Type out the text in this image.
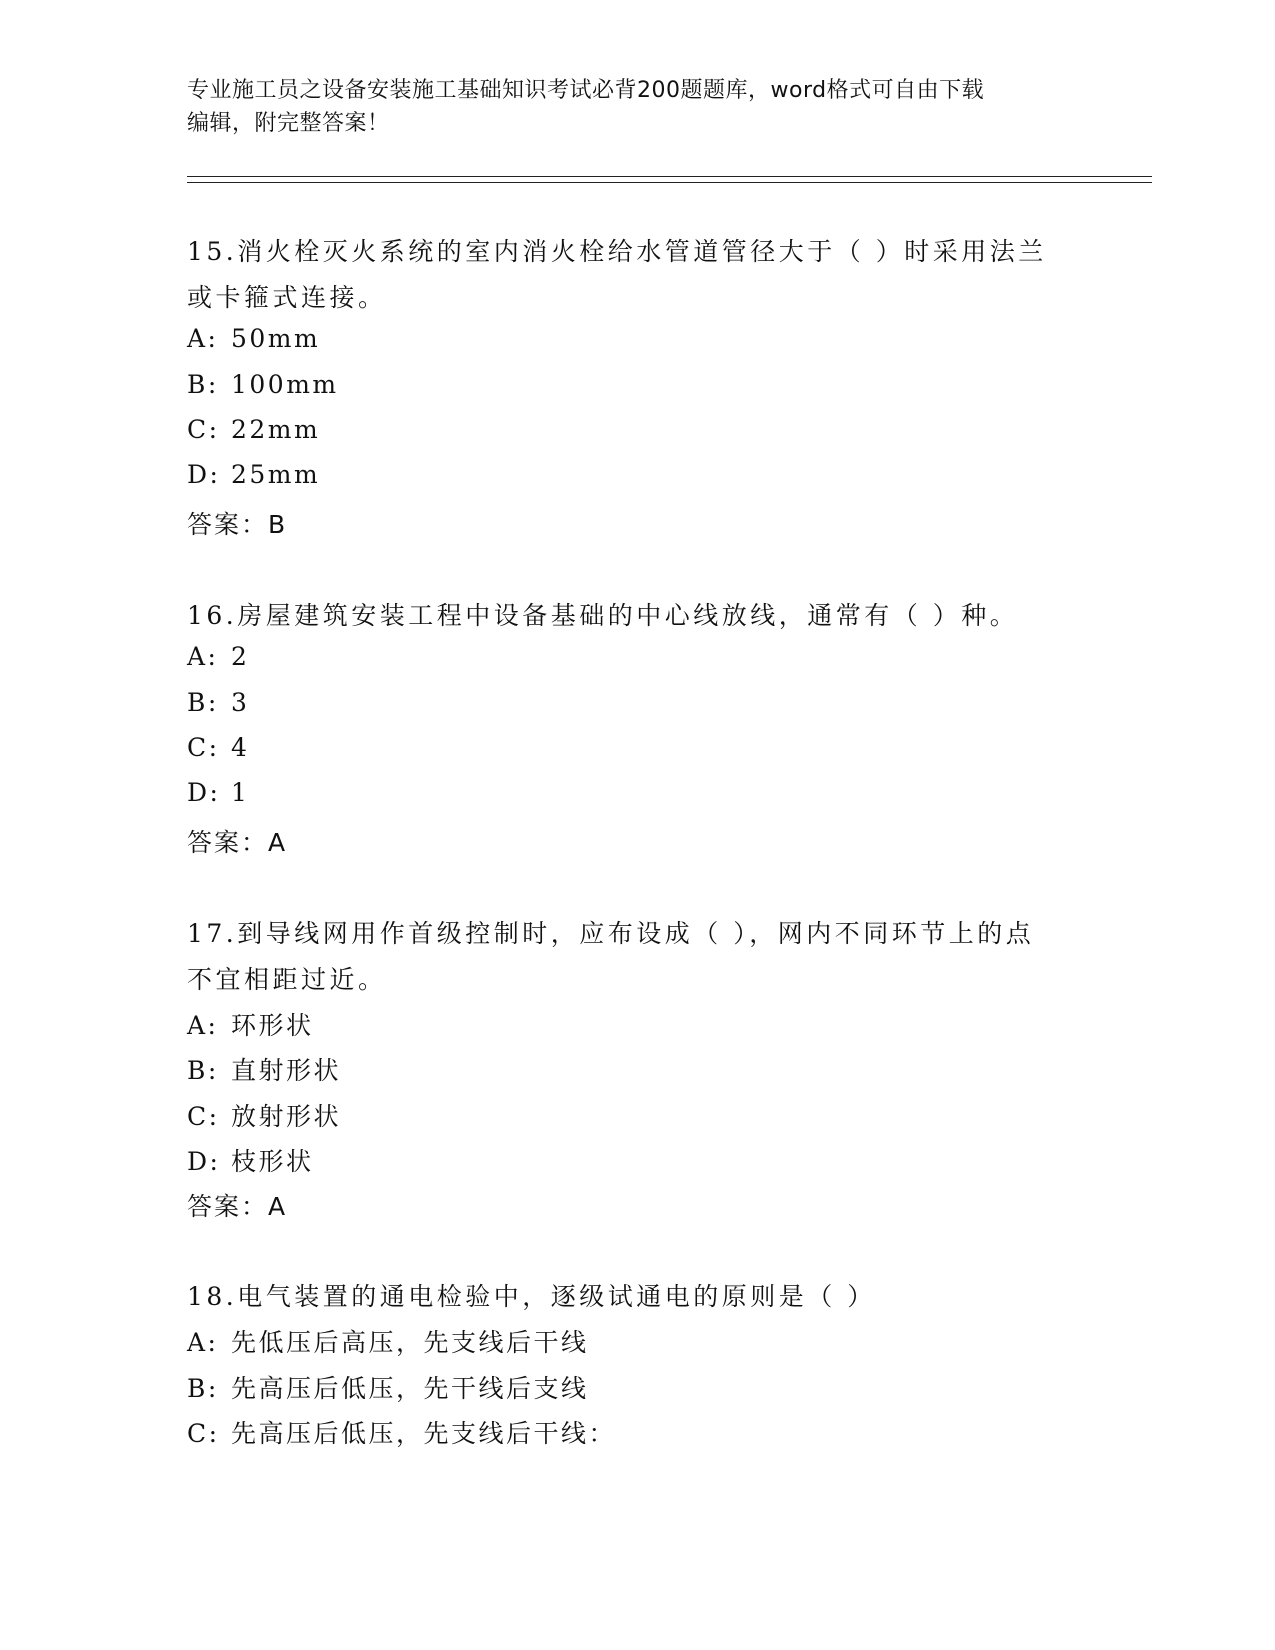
专业施工员之设备安装施工基础知识考试必背200题题库，word格式可自由下载
编辑，附完整答案！
15.消火栓灭火系统的室内消火栓给水管道管径大于（ ）时采用法兰
或卡箍式连接。
A: 50mm
B: 100mm
C: 22mm
D: 25mm
答案：B
16.房屋建筑安装工程中设备基础的中心线放线，通常有（ ）种。
A: 2
B: 3
C: 4
D: 1
答案：A
17.到导线网用作首级控制时，应布设成（ ），网内不同环节上的点
不宜相距过近。
A: 环形状
B: 直射形状
C: 放射形状
D: 枝形状
答案：A
18.电气装置的通电检验中，逐级试通电的原则是（ ）
A: 先低压后高压，先支线后干线
B: 先高压后低压，先干线后支线
C: 先高压后低压，先支线后干线：
